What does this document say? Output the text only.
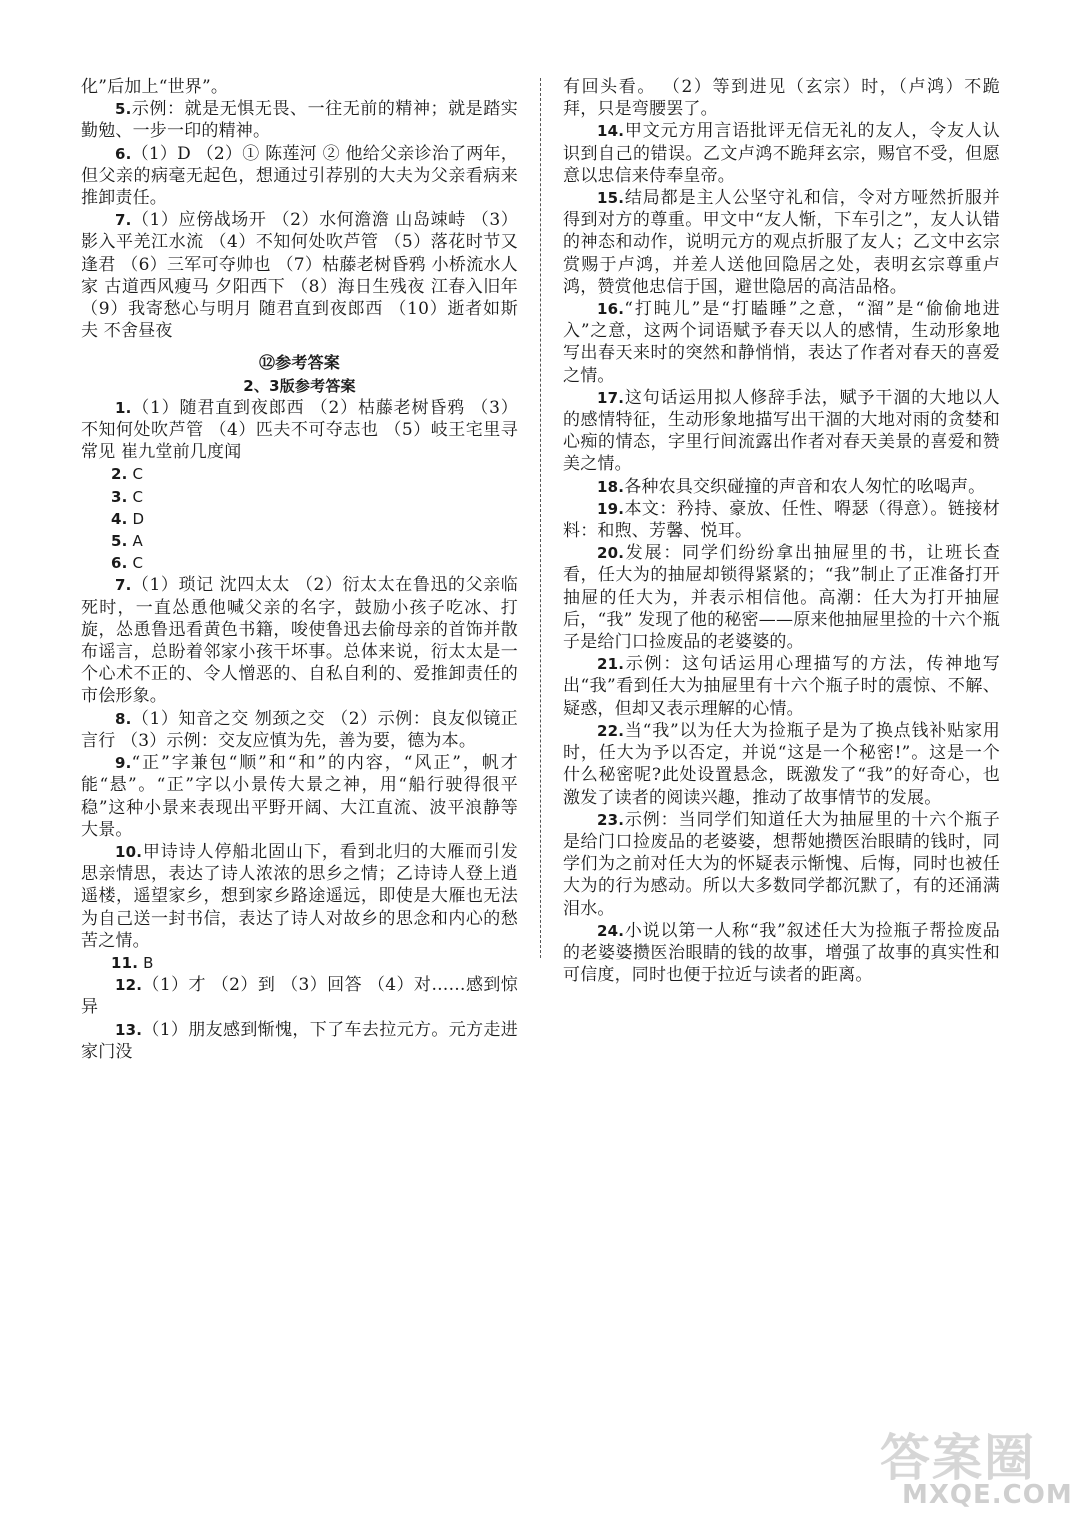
化”后加上“世界”。

5.示例：就是无惧无畏、一往无前的精神；就是踏实勤勉、一步一印的精神。

6.（1）D （2）① 陈莲河 ② 他给父亲诊治了两年，但父亲的病毫无起色，想通过引荐别的大夫为父亲看病来推卸责任。

7.（1）应傍战场开 （2）水何澹澹 山岛竦峙 （3）影入平羌江水流 （4）不知何处吹芦管 （5）落花时节又逢君 （6）三军可夺帅也 （7）枯藤老树昏鸦 小桥流水人家 古道西风瘦马 夕阳西下 （8）海日生残夜 江春入旧年 （9）我寄愁心与明月 随君直到夜郎西 （10）逝者如斯夫 不舍昼夜

⑫参考答案

2、3版参考答案

1.（1）随君直到夜郎西 （2）枯藤老树昏鸦 （3）不知何处吹芦管 （4）匹夫不可夺志也 （5）岐王宅里寻常见 崔九堂前几度闻

2. C

3. C

4. D

5. A

6. C

7.（1）琐记 沈四太太 （2）衍太太在鲁迅的父亲临死时，一直怂恿他喊父亲的名字，鼓励小孩子吃冰、打旋，怂恿鲁迅看黄色书籍，唆使鲁迅去偷母亲的首饰并散布谣言，总盼着邻家小孩干坏事。总体来说，衍太太是一个心术不正的、令人憎恶的、自私自利的、爱推卸责任的市侩形象。

8.（1）知音之交 刎颈之交 （2）示例：良友似镜正言行 （3）示例：交友应慎为先，善为要，德为本。

9.“正”字兼包“顺”和“和”的内容，“风正”，帆才能“悬”。“正”字以小景传大景之神，用“船行驶得很平稳”这种小景来表现出平野开阔、大江直流、波平浪静等大景。

10.甲诗诗人停船北固山下，看到北归的大雁而引发思亲情思，表达了诗人浓浓的思乡之情；乙诗诗人登上逍遥楼，遥望家乡，想到家乡路途遥远，即使是大雁也无法为自己送一封书信，表达了诗人对故乡的思念和内心的愁苦之情。

11. B

12.（1）才 （2）到 （3）回答 （4）对……感到惊异

13.（1）朋友感到惭愧，下了车去拉元方。元方走进家门没

有回头看。 （2）等到进见（玄宗）时，（卢鸿）不跪拜，只是弯腰罢了。

14.甲文元方用言语批评无信无礼的友人，令友人认识到自己的错误。乙文卢鸿不跪拜玄宗，赐官不受，但愿意以忠信来侍奉皇帝。

15.结局都是主人公坚守礼和信，令对方哑然折服并得到对方的尊重。甲文中“友人惭，下车引之”，友人认错的神态和动作，说明元方的观点折服了友人；乙文中玄宗赏赐于卢鸿，并差人送他回隐居之处，表明玄宗尊重卢鸿，赞赏他忠信于国，避世隐居的高洁品格。

16.“打盹儿”是“打瞌睡”之意，“溜”是“偷偷地进入”之意，这两个词语赋予春天以人的感情，生动形象地写出春天来时的突然和静悄悄，表达了作者对春天的喜爱之情。

17.这句话运用拟人修辞手法，赋予干涸的大地以人的感情特征，生动形象地描写出干涸的大地对雨的贪婪和心痴的情态，字里行间流露出作者对春天美景的喜爱和赞美之情。

18.各种农具交织碰撞的声音和农人匆忙的吆喝声。

19.本文：矜持、豪放、任性、嘚瑟（得意）。链接材料：和煦、芳馨、悦耳。

20.发展：同学们纷纷拿出抽屉里的书，让班长查看，任大为的抽屉却锁得紧紧的；“我”制止了正准备打开抽屉的任大为，并表示相信他。高潮：任大为打开抽屉后，“我” 发现了他的秘密——原来他抽屉里捡的十六个瓶子是给门口捡废品的老婆婆的。

21.示例：这句话运用心理描写的方法，传神地写出“我”看到任大为抽屉里有十六个瓶子时的震惊、不解、疑惑，但却又表示理解的心情。

22.当“我”以为任大为捡瓶子是为了换点钱补贴家用时，任大为予以否定，并说“这是一个秘密!”。这是一个什么秘密呢?此处设置悬念，既激发了“我”的好奇心，也激发了读者的阅读兴趣，推动了故事情节的发展。

23.示例：当同学们知道任大为抽屉里的十六个瓶子是给门口捡废品的老婆婆，想帮她攒医治眼睛的钱时，同学们为之前对任大为的怀疑表示惭愧、后悔，同时也被任大为的行为感动。所以大多数同学都沉默了，有的还涌满泪水。

24.小说以第一人称“我”叙述任大为捡瓶子帮捡废品的老婆婆攒医治眼睛的钱的故事，增强了故事的真实性和可信度，同时也便于拉近与读者的距离。

答案圈
MXQE.COM
